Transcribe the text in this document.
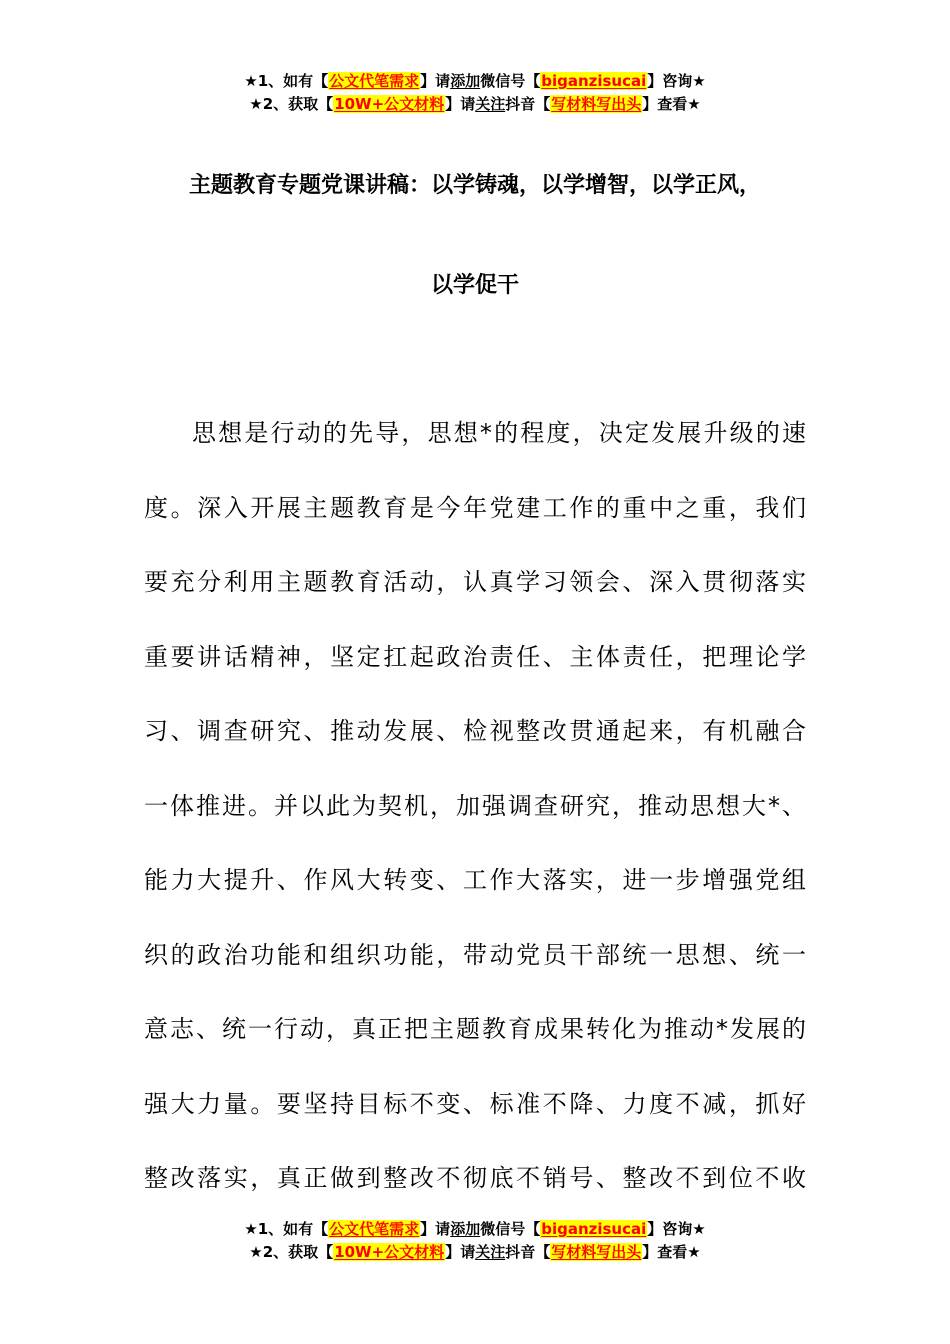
★1、如有【公文代笔需求】请添加微信号【biganzisucai】咨询★
★2、获取【10W+公文材料】请关注抖音【写材料写出头】查看★
主题教育专题党课讲稿：以学铸魂，以学增智，以学正风，
以学促干
思想是行动的先导，思想*的程度，决定发展升级的速
度。深入开展主题教育是今年党建工作的重中之重，我们
要充分利用主题教育活动，认真学习领会、深入贯彻落实
重要讲话精神，坚定扛起政治责任、主体责任，把理论学
习、调查研究、推动发展、检视整改贯通起来，有机融合
一体推进。并以此为契机，加强调查研究，推动思想大*、
能力大提升、作风大转变、工作大落实，进一步增强党组
织的政治功能和组织功能，带动党员干部统一思想、统一
意志、统一行动，真正把主题教育成果转化为推动*发展的
强大力量。要坚持目标不变、标准不降、力度不减，抓好
整改落实，真正做到整改不彻底不销号、整改不到位不收
★1、如有【公文代笔需求】请添加微信号【biganzisucai】咨询★
★2、获取【10W+公文材料】请关注抖音【写材料写出头】查看★
